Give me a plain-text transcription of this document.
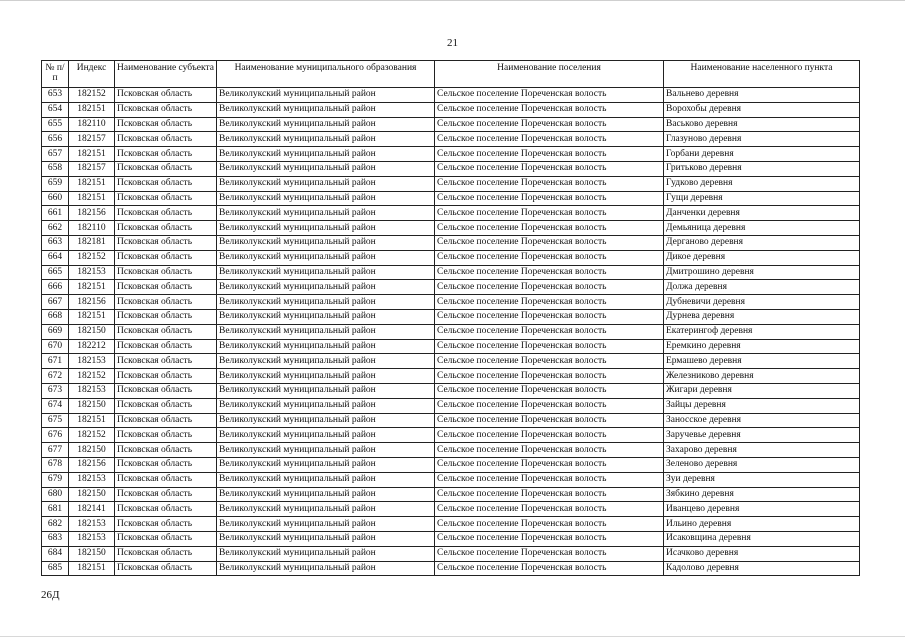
21
№ п/п	Индекс	Наименование субъекта	Наименование муниципального образования	Наименование поселения	Наименование населенного пункта
653	182152	Псковская область	Великолукский муниципальный район	Сельское поселение Пореченская волость	Вальнево деревня
654	182151	Псковская область	Великолукский муниципальный район	Сельское поселение Пореченская волость	Ворохобы деревня
655	182110	Псковская область	Великолукский муниципальный район	Сельское поселение Пореченская волость	Васьково деревня
656	182157	Псковская область	Великолукский муниципальный район	Сельское поселение Пореченская волость	Глазуново деревня
657	182151	Псковская область	Великолукский муниципальный район	Сельское поселение Пореченская волость	Горбани деревня
658	182157	Псковская область	Великолукский муниципальный район	Сельское поселение Пореченская волость	Гритьково деревня
659	182151	Псковская область	Великолукский муниципальный район	Сельское поселение Пореченская волость	Гудково деревня
660	182151	Псковская область	Великолукский муниципальный район	Сельское поселение Пореченская волость	Гущи деревня
661	182156	Псковская область	Великолукский муниципальный район	Сельское поселение Пореченская волость	Данченки деревня
662	182110	Псковская область	Великолукский муниципальный район	Сельское поселение Пореченская волость	Демьяница деревня
663	182181	Псковская область	Великолукский муниципальный район	Сельское поселение Пореченская волость	Дерганово деревня
664	182152	Псковская область	Великолукский муниципальный район	Сельское поселение Пореченская волость	Дикое деревня
665	182153	Псковская область	Великолукский муниципальный район	Сельское поселение Пореченская волость	Дмитрошино деревня
666	182151	Псковская область	Великолукский муниципальный район	Сельское поселение Пореченская волость	Должа деревня
667	182156	Псковская область	Великолукский муниципальный район	Сельское поселение Пореченская волость	Дубневичи деревня
668	182151	Псковская область	Великолукский муниципальный район	Сельское поселение Пореченская волость	Дурнева деревня
669	182150	Псковская область	Великолукский муниципальный район	Сельское поселение Пореченская волость	Екатерингоф деревня
670	182212	Псковская область	Великолукский муниципальный район	Сельское поселение Пореченская волость	Еремкино деревня
671	182153	Псковская область	Великолукский муниципальный район	Сельское поселение Пореченская волость	Ермашево деревня
672	182152	Псковская область	Великолукский муниципальный район	Сельское поселение Пореченская волость	Железниково деревня
673	182153	Псковская область	Великолукский муниципальный район	Сельское поселение Пореченская волость	Жигари деревня
674	182150	Псковская область	Великолукский муниципальный район	Сельское поселение Пореченская волость	Зайцы деревня
675	182151	Псковская область	Великолукский муниципальный район	Сельское поселение Пореченская волость	Заносское деревня
676	182152	Псковская область	Великолукский муниципальный район	Сельское поселение Пореченская волость	Заручевье деревня
677	182150	Псковская область	Великолукский муниципальный район	Сельское поселение Пореченская волость	Захарово деревня
678	182156	Псковская область	Великолукский муниципальный район	Сельское поселение Пореченская волость	Зеленово деревня
679	182153	Псковская область	Великолукский муниципальный район	Сельское поселение Пореченская волость	Зуи деревня
680	182150	Псковская область	Великолукский муниципальный район	Сельское поселение Пореченская волость	Зябкино деревня
681	182141	Псковская область	Великолукский муниципальный район	Сельское поселение Пореченская волость	Иванцево деревня
682	182153	Псковская область	Великолукский муниципальный район	Сельское поселение Пореченская волость	Ильино деревня
683	182153	Псковская область	Великолукский муниципальный район	Сельское поселение Пореченская волость	Исаковщина деревня
684	182150	Псковская область	Великолукский муниципальный район	Сельское поселение Пореченская волость	Исачково деревня
685	182151	Псковская область	Великолукский муниципальный район	Сельское поселение Пореченская волость	Кадолово деревня
26Д
